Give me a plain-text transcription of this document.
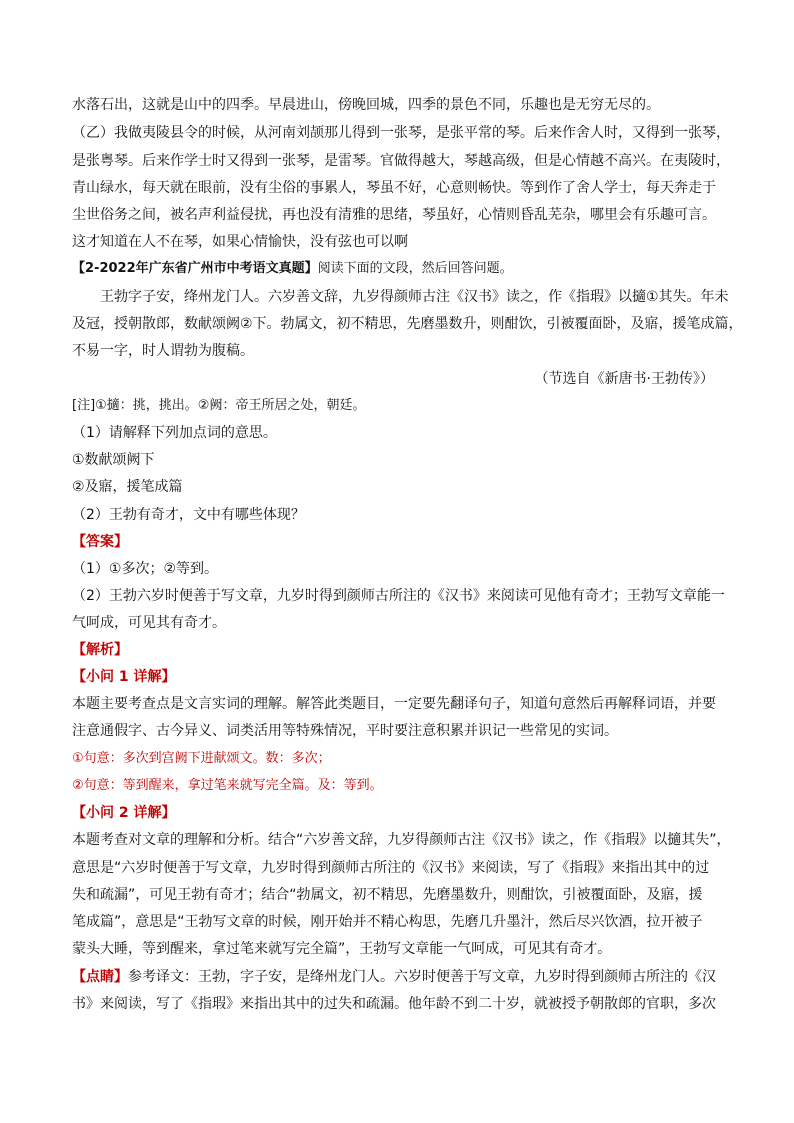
水落石出，这就是山中的四季。早晨进山，傍晚回城，四季的景色不同，乐趣也是无穷无尽的。
（乙）我做夷陵县令的时候，从河南刘颉那儿得到一张琴，是张平常的琴。后来作舍人时，又得到一张琴，
是张粤琴。后来作学士时又得到一张琴，是雷琴。官做得越大，琴越高级，但是心情越不高兴。在夷陵时，
青山绿水，每天就在眼前，没有尘俗的事累人，琴虽不好，心意则畅快。等到作了舍人学士，每天奔走于
尘世俗务之间，被名声利益侵扰，再也没有清雅的思绪，琴虽好，心情则昏乱芜杂，哪里会有乐趣可言。
这才知道在人不在琴，如果心情愉快，没有弦也可以啊
【2-2022年广东省广州市中考语文真题】阅读下面的文段，然后回答问题。
王勃字子安，绛州龙门人。六岁善文辞，九岁得颜师古注《汉书》读之，作《指瑕》以擿①其失。年未
及冠，授朝散郎，数献颂阙②下。勃属文，初不精思，先磨墨数升，则酣饮，引被覆面卧，及寤，援笔成篇，
不易一字，时人谓勃为腹稿。
（节选自《新唐书·王勃传》）
[注]①擿：挑，挑出。②阙：帝王所居之处，朝廷。
（1）请解释下列加点词的意思。
①数献颂阙下
②及寤，援笔成篇
（2）王勃有奇才，文中有哪些体现？
【答案】
（1）①多次；②等到。
（2）王勃六岁时便善于写文章，九岁时得到颜师古所注的《汉书》来阅读可见他有奇才；王勃写文章能一
气呵成，可见其有奇才。
【解析】
【小问 1 详解】
本题主要考查点是文言实词的理解。解答此类题目，一定要先翻译句子，知道句意然后再解释词语，并要
注意通假字、古今异义、词类活用等特殊情况，平时要注意积累并识记一些常见的实词。
①句意：多次到宫阙下进献颂文。数：多次；
②句意：等到醒来，拿过笔来就写完全篇。及：等到。
【小问 2 详解】
本题考查对文章的理解和分析。结合“六岁善文辞，九岁得颜师古注《汉书》读之，作《指瑕》以擿其失”，
意思是“六岁时便善于写文章，九岁时得到颜师古所注的《汉书》来阅读，写了《指瑕》来指出其中的过
失和疏漏”，可见王勃有奇才；结合“勃属文，初不精思，先磨墨数升，则酣饮，引被覆面卧，及寤，援
笔成篇”，意思是“王勃写文章的时候，刚开始并不精心构思，先磨几升墨汁，然后尽兴饮酒，拉开被子
蒙头大睡，等到醒来，拿过笔来就写完全篇”，王勃写文章能一气呵成，可见其有奇才。
【点睛】参考译文：王勃，字子安，是绛州龙门人。六岁时便善于写文章，九岁时得到颜师古所注的《汉
书》来阅读，写了《指瑕》来指出其中的过失和疏漏。他年龄不到二十岁，就被授予朝散郎的官职，多次
